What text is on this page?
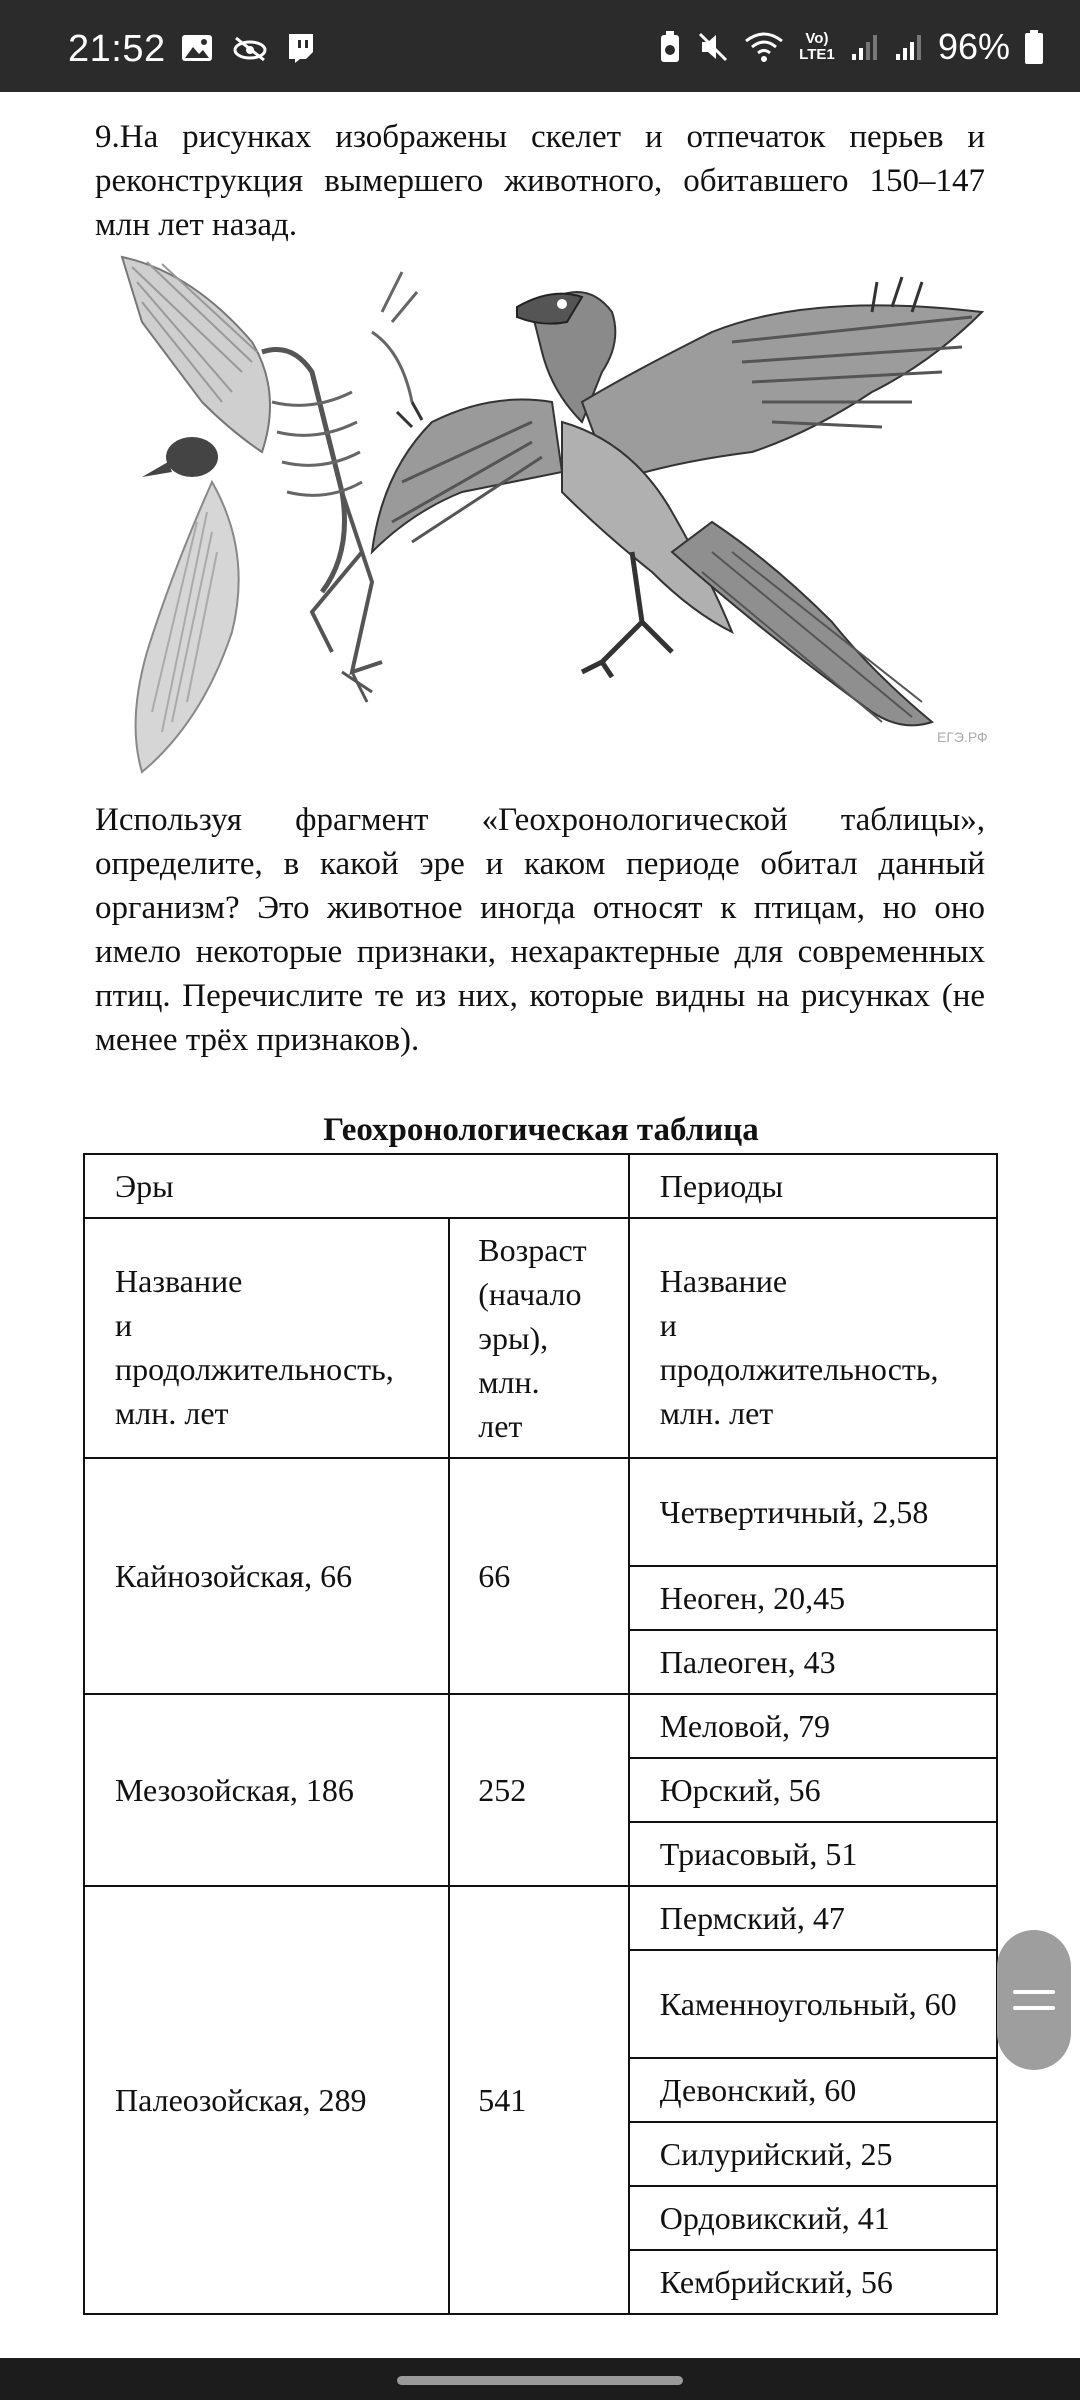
21:52	Vo) LTE1	96%
9.На рисунках изображены скелет и отпечаток перьев и реконструкция вымершего животного, обитавшего 150–147 млн лет назад.
ЕГЭ.РФ
Используя фрагмент «Геохронологической таблицы», определите, в какой эре и каком периоде обитал данный организм? Это животное иногда относят к птицам, но оно имело некоторые признаки, нехарактерные для современных птиц. Перечислите те из них, которые видны на рисунках (не менее трёх признаков).
Геохронологическая таблица
Эры		Периоды
Название
и
продолжительность,
млн. лет	Возраст
(начало
эры),
млн.
лет	Название
и
продолжительность,
млн. лет
Кайнозойская, 66	66	Четвертичный, 2,58
		Неоген, 20,45
		Палеоген, 43
Мезозойская, 186	252	Меловой, 79
		Юрский, 56
		Триасовый, 51
Палеозойская, 289	541	Пермский, 47
		Каменноугольный, 60
		Девонский, 60
		Силурийский, 25
		Ордовикский, 41
		Кембрийский, 56
